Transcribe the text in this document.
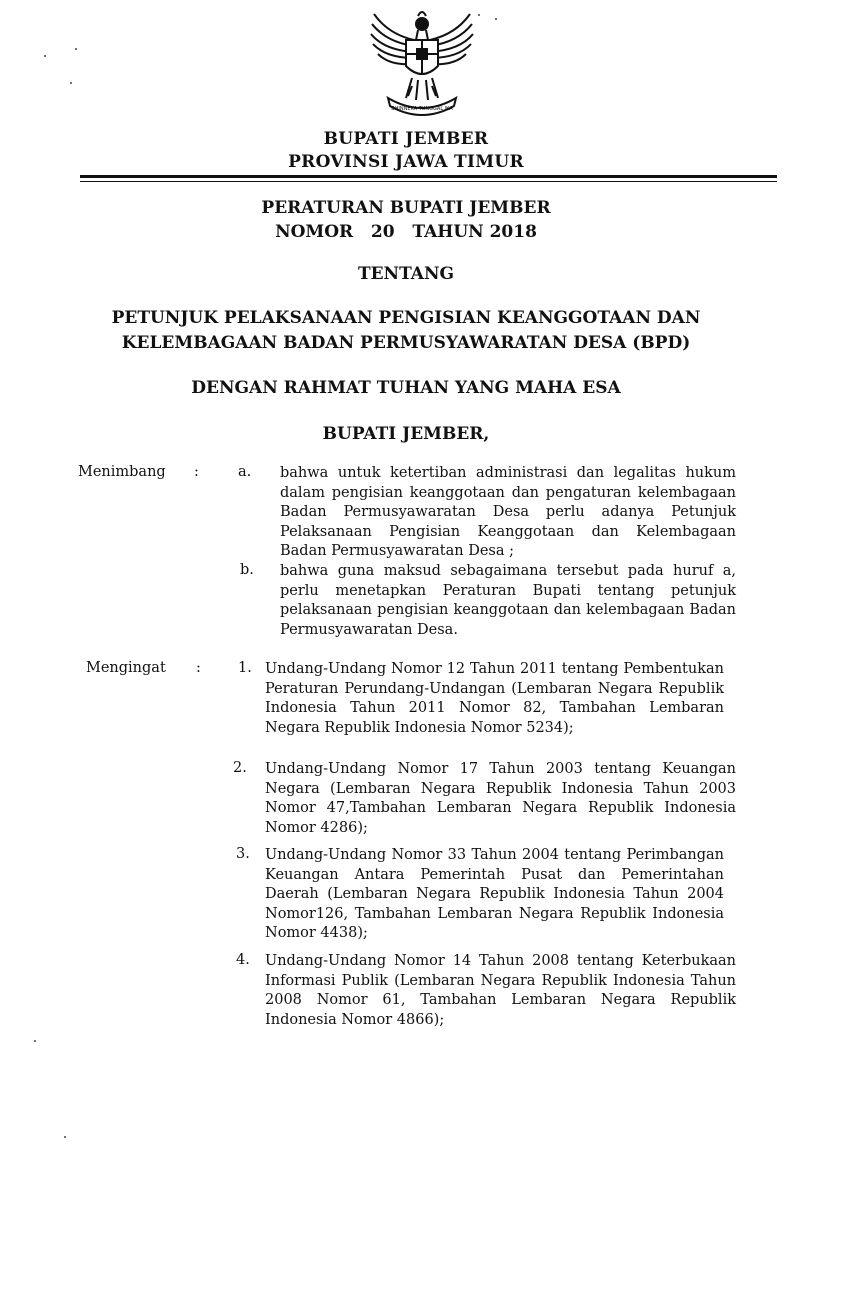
BHINNEKA TUNGGAL IKA
BUPATI JEMBER
PROVINSI JAWA TIMUR
PERATURAN BUPATI JEMBER
NOMOR   20   TAHUN 2018
TENTANG
PETUNJUK PELAKSANAAN PENGISIAN KEANGGOTAAN DAN
KELEMBAGAAN BADAN PERMUSYAWARATAN DESA (BPD)
DENGAN RAHMAT TUHAN YANG MAHA ESA
BUPATI JEMBER,
Menimbang :	a. bahwa untuk ketertiban administrasi dan legalitas hukum dalam pengisian keanggotaan dan pengaturan kelembagaan Badan Permusyawaratan Desa perlu adanya Petunjuk Pelaksanaan Pengisian Keanggotaan dan Kelembagaan Badan Permusyawaratan Desa ;
b. bahwa guna maksud sebagaimana tersebut pada huruf a, perlu menetapkan Peraturan Bupati tentang petunjuk pelaksanaan pengisian keanggotaan dan kelembagaan Badan Permusyawaratan Desa.
Mengingat :	1. Undang-Undang Nomor 12 Tahun 2011 tentang Pembentukan Peraturan Perundang-Undangan (Lembaran Negara Republik Indonesia Tahun 2011 Nomor 82, Tambahan Lembaran Negara Republik Indonesia Nomor 5234);
2. Undang-Undang Nomor 17 Tahun 2003 tentang Keuangan Negara (Lembaran Negara Republik Indonesia Tahun 2003 Nomor 47,Tambahan Lembaran Negara Republik Indonesia Nomor 4286);
3. Undang-Undang Nomor 33 Tahun 2004 tentang Perimbangan Keuangan Antara Pemerintah Pusat dan Pemerintahan Daerah (Lembaran Negara Republik Indonesia Tahun 2004 Nomor126, Tambahan Lembaran Negara Republik Indonesia Nomor 4438);
4. Undang-Undang Nomor 14 Tahun 2008 tentang Keterbukaan Informasi Publik (Lembaran Negara Republik Indonesia Tahun 2008 Nomor 61, Tambahan Lembaran Negara Republik Indonesia Nomor 4866);
